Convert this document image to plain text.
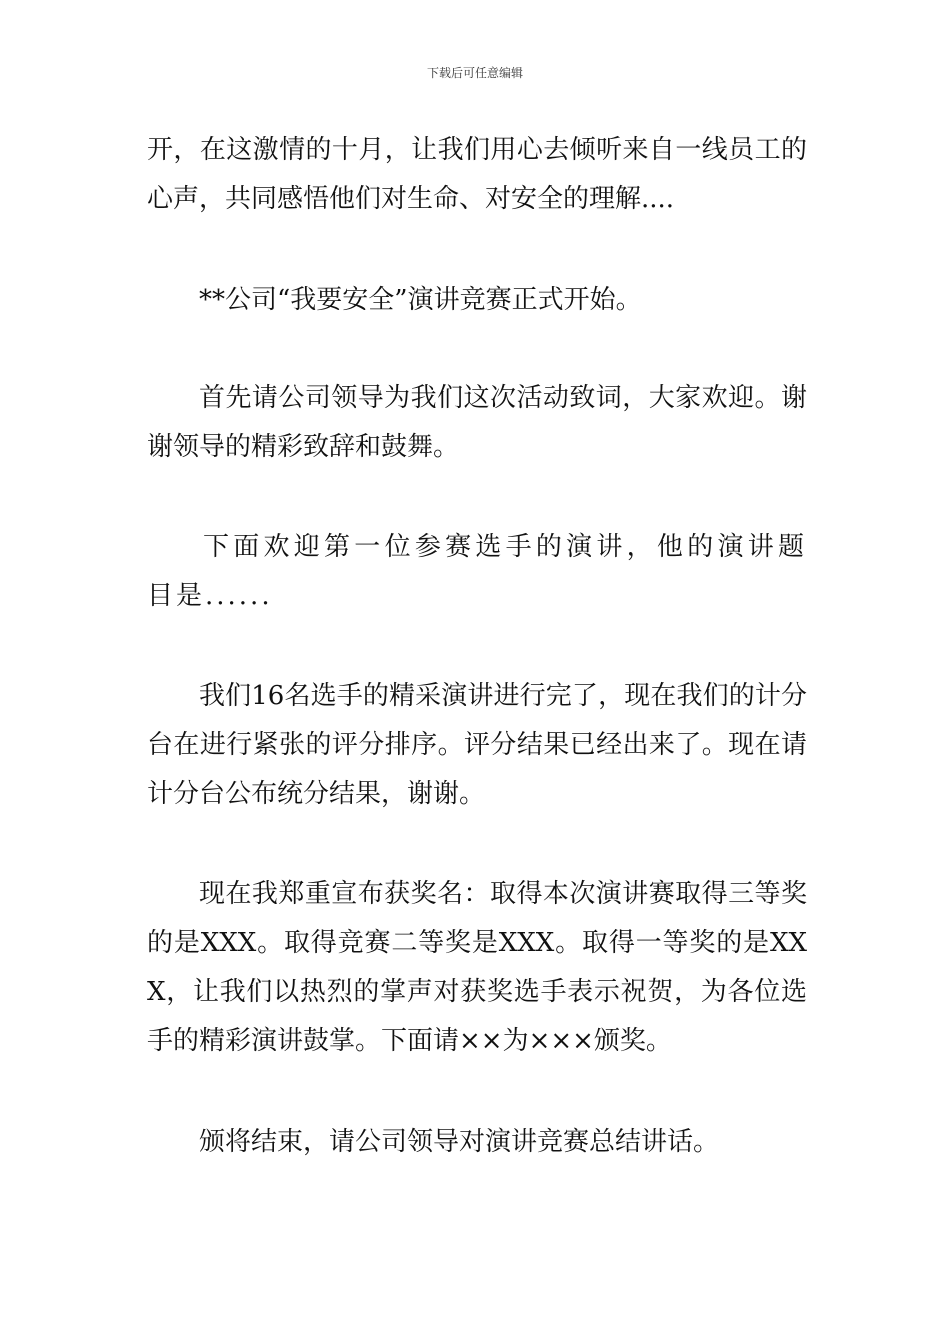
下载后可任意编辑

开，在这激情的十月，让我们用心去倾听来自一线员工的心声，共同感悟他们对生命、对安全的理解....

**公司“我要安全”演讲竞赛正式开始。

首先请公司领导为我们这次活动致词，大家欢迎。谢谢领导的精彩致辞和鼓舞。

下面欢迎第一位参赛选手的演讲，他的演讲题目是......

我们16名选手的精采演讲进行完了，现在我们的计分台在进行紧张的评分排序。评分结果已经出来了。现在请计分台公布统分结果，谢谢。

现在我郑重宣布获奖名：取得本次演讲赛取得三等奖的是XXX。取得竞赛二等奖是XXX。取得一等奖的是XXX，让我们以热烈的掌声对获奖选手表示祝贺，为各位选手的精彩演讲鼓掌。下面请××为×××颁奖。

颁将结束，请公司领导对演讲竞赛总结讲话。
